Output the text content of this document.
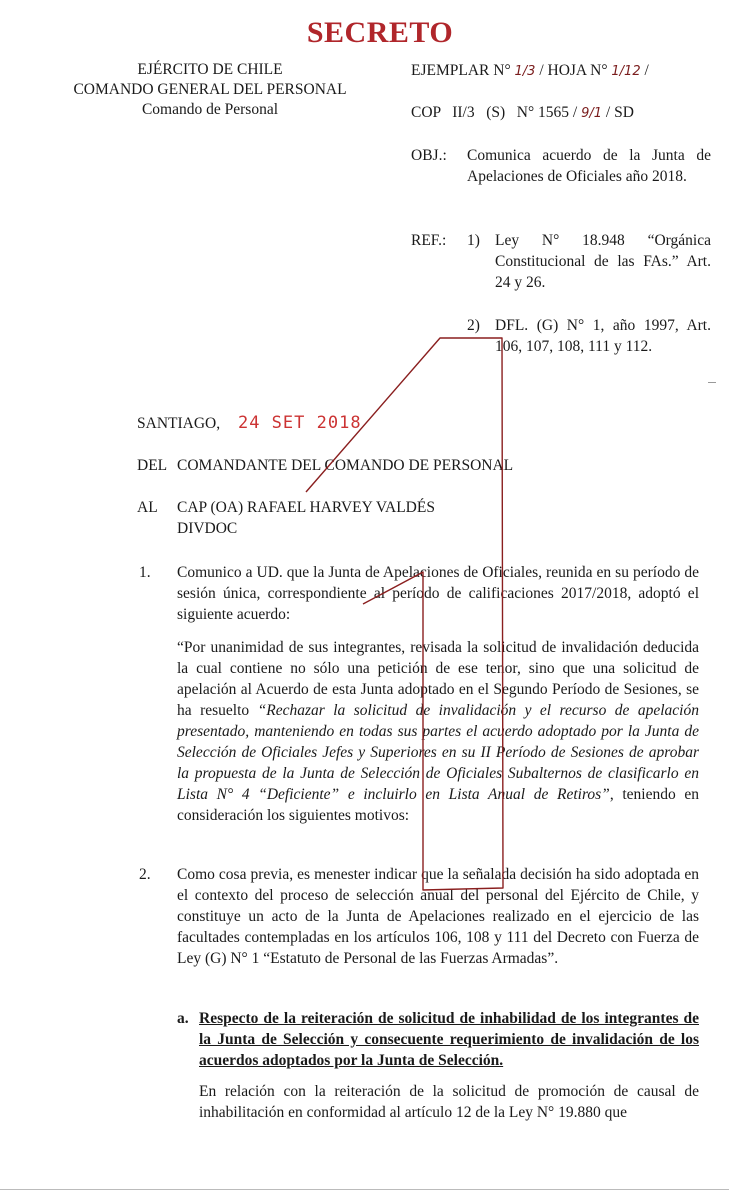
SECRETO
EJÉRCITO DE CHILE
COMANDO GENERAL DEL PERSONAL
Comando de Personal
EJEMPLAR N° 1/3 / HOJA N° 1/12 /
COP   II/3   (S)   N° 1565 / 9/1 / SD
OBJ.:	Comunica acuerdo de la Junta de Apelaciones de Oficiales año 2018.
REF.:	1) Ley N° 18.948 “Orgánica Constitucional de las FAs.” Art. 24 y 26.
2) DFL. (G) N° 1, año 1997, Art. 106, 107, 108, 111 y 112.
SANTIAGO, 24 SET 2018
DEL COMANDANTE DEL COMANDO DE PERSONAL
AL	CAP (OA) RAFAEL HARVEY VALDÉS
DIVDOC
1. Comunico a UD. que la Junta de Apelaciones de Oficiales, reunida en su período de sesión única, correspondiente al período de calificaciones 2017/2018, adoptó el siguiente acuerdo:
“Por unanimidad de sus integrantes, revisada la solicitud de invalidación deducida la cual contiene no sólo una petición de ese tenor, sino que una solicitud de apelación al Acuerdo de esta Junta adoptado en el Segundo Período de Sesiones, se ha resuelto “Rechazar la solicitud de invalidación y el recurso de apelación presentado, manteniendo en todas sus partes el acuerdo adoptado por la Junta de Selección de Oficiales Jefes y Superiores en su II Período de Sesiones de aprobar la propuesta de la Junta de Selección de Oficiales Subalternos de clasificarlo en Lista N° 4 “Deficiente” e incluirlo en Lista Anual de Retiros”, teniendo en consideración los siguientes motivos:
2. Como cosa previa, es menester indicar que la señalada decisión ha sido adoptada en el contexto del proceso de selección anual del personal del Ejército de Chile, y constituye un acto de la Junta de Apelaciones realizado en el ejercicio de las facultades contempladas en los artículos 106, 108 y 111 del Decreto con Fuerza de Ley (G) N° 1 “Estatuto de Personal de las Fuerzas Armadas”.
a. Respecto de la reiteración de solicitud de inhabilidad de los integrantes de la Junta de Selección y consecuente requerimiento de invalidación de los acuerdos adoptados por la Junta de Selección.
En relación con la reiteración de la solicitud de promoción de causal de inhabilitación en conformidad al artículo 12 de la Ley N° 19.880 que
